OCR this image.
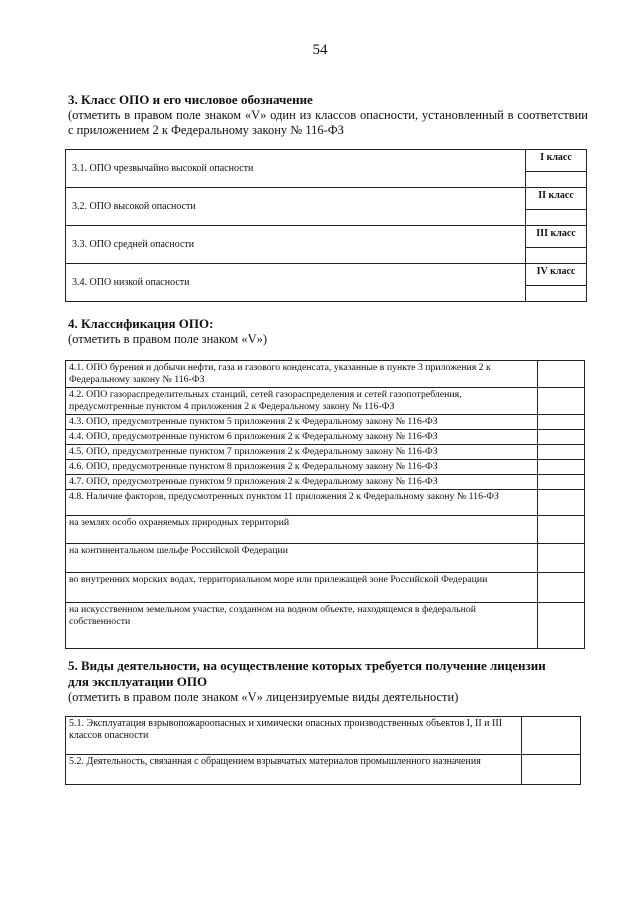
54
3. Класс ОПО и его числовое обозначение
(отметить в правом поле знаком «V» один из классов опасности, установленный в соответствии с приложением 2 к Федеральному закону № 116-ФЗ
3.1. ОПО чрезвычайно высокой опасности	I класс

3.2. ОПО высокой опасности	II класс

3.3. ОПО средней опасности	III класс

3.4. ОПО низкой опасности	IV класс

4. Классификация ОПО:
(отметить в правом поле знаком «V»)
4.1. ОПО бурения и добычи нефти, газа и газового конденсата, указанные в пункте 3 приложения 2 к Федеральному закону № 116-ФЗ	
4.2. ОПО газораспределительных станций, сетей газораспределения и сетей газопотребления, предусмотренные пунктом 4 приложения 2 к Федеральному закону № 116-ФЗ	
4.3. ОПО, предусмотренные пунктом 5 приложения 2 к Федеральному закону № 116-ФЗ	
4.4. ОПО, предусмотренные пунктом 6 приложения 2 к Федеральному закону № 116-ФЗ	
4.5. ОПО, предусмотренные пунктом 7 приложения 2 к Федеральному закону № 116-ФЗ	
4.6. ОПО, предусмотренные пунктом 8 приложения 2 к Федеральному закону № 116-ФЗ	
4.7. ОПО, предусмотренные пунктом 9 приложения 2 к Федеральному закону № 116-ФЗ	
4.8. Наличие факторов, предусмотренных пунктом 11 приложения 2 к Федеральному закону № 116-ФЗ	
на землях особо охраняемых природных территорий	
на континентальном шельфе Российской Федерации	
во внутренних морских водах, территориальном море или прилежащей зоне Российской Федерации	
на искусственном земельном участке, созданном на водном объекте, находящемся в федеральной собственности	
5. Виды деятельности, на осуществление которых требуется получение лицензии для эксплуатации ОПО
(отметить в правом поле знаком «V» лицензируемые виды деятельности)
5.1. Эксплуатация взрывопожароопасных и химически опасных производственных объектов I, II и III классов опасности	
5.2. Деятельность, связанная с обращением взрывчатых материалов промышленного назначения	
